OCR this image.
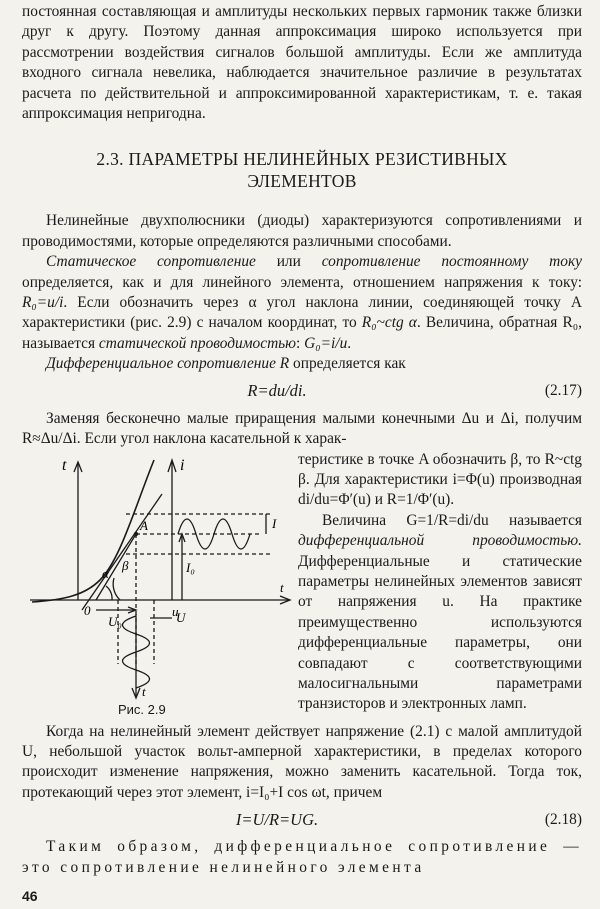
постоянная составляющая и амплитуды нескольких первых гармоник также близки друг к другу. Поэтому данная аппроксимация широко используется при рассмотрении воздействия сигналов большой амплитуды. Если же амплитуда входного сигнала невелика, наблюдается значительное различие в результатах расчета по действительной и аппроксимированной характеристикам, т. е. такая аппроксимация непригодна.

2.3. ПАРАМЕТРЫ НЕЛИНЕЙНЫХ РЕЗИСТИВНЫХ
ЭЛЕМЕНТОВ

Нелинейные двухполюсники (диоды) характеризуются сопротивлениями и проводимостями, которые определяются различными способами.

Статическое сопротивление или сопротивление постоянному току определяется, как и для линейного элемента, отношением напряжения к току: R₀=u/i. Если обозначить через α угол наклона линии, соединяющей точку A характеристики (рис. 2.9) с началом координат, то R₀~ctg α. Величина, обратная R₀, называется статической проводимостью: G₀=i/u.

Дифференциальное сопротивление R определяется как

R=du/di.	(2.17)

Заменяя бесконечно малые приращения малыми конечными Δu и Δi, получим R≈Δu/Δi. Если угол наклона касательной к харак-

t	i
A	I
I₀
α
β
0
U₀
u
t
U
t
Рис. 2.9

теристике в точке A обозначить β, то R~ctg β. Для характеристики i=Φ(u) производная di/du=Φ′(u) и R=1/Φ′(u).

Величина G=1/R=di/du называется дифференциальной проводимостью. Дифференциальные и статические параметры нелинейных элементов зависят от напряжения u. На практике преимущественно используются дифференциальные параметры, они совпадают с соответствующими малосигнальными параметрами транзисторов и электронных ламп.

Когда на нелинейный элемент действует напряжение (2.1) с малой амплитудой U, небольшой участок вольт-амперной характеристики, в пределах которого происходит изменение напряжения, можно заменить касательной. Тогда ток, протекающий через этот элемент, i=I₀+I cos ωt, причем

I=U/R=UG.	(2.18)

Таким образом, дифференциальное сопротивление — это сопротивление нелинейного элемента

46
